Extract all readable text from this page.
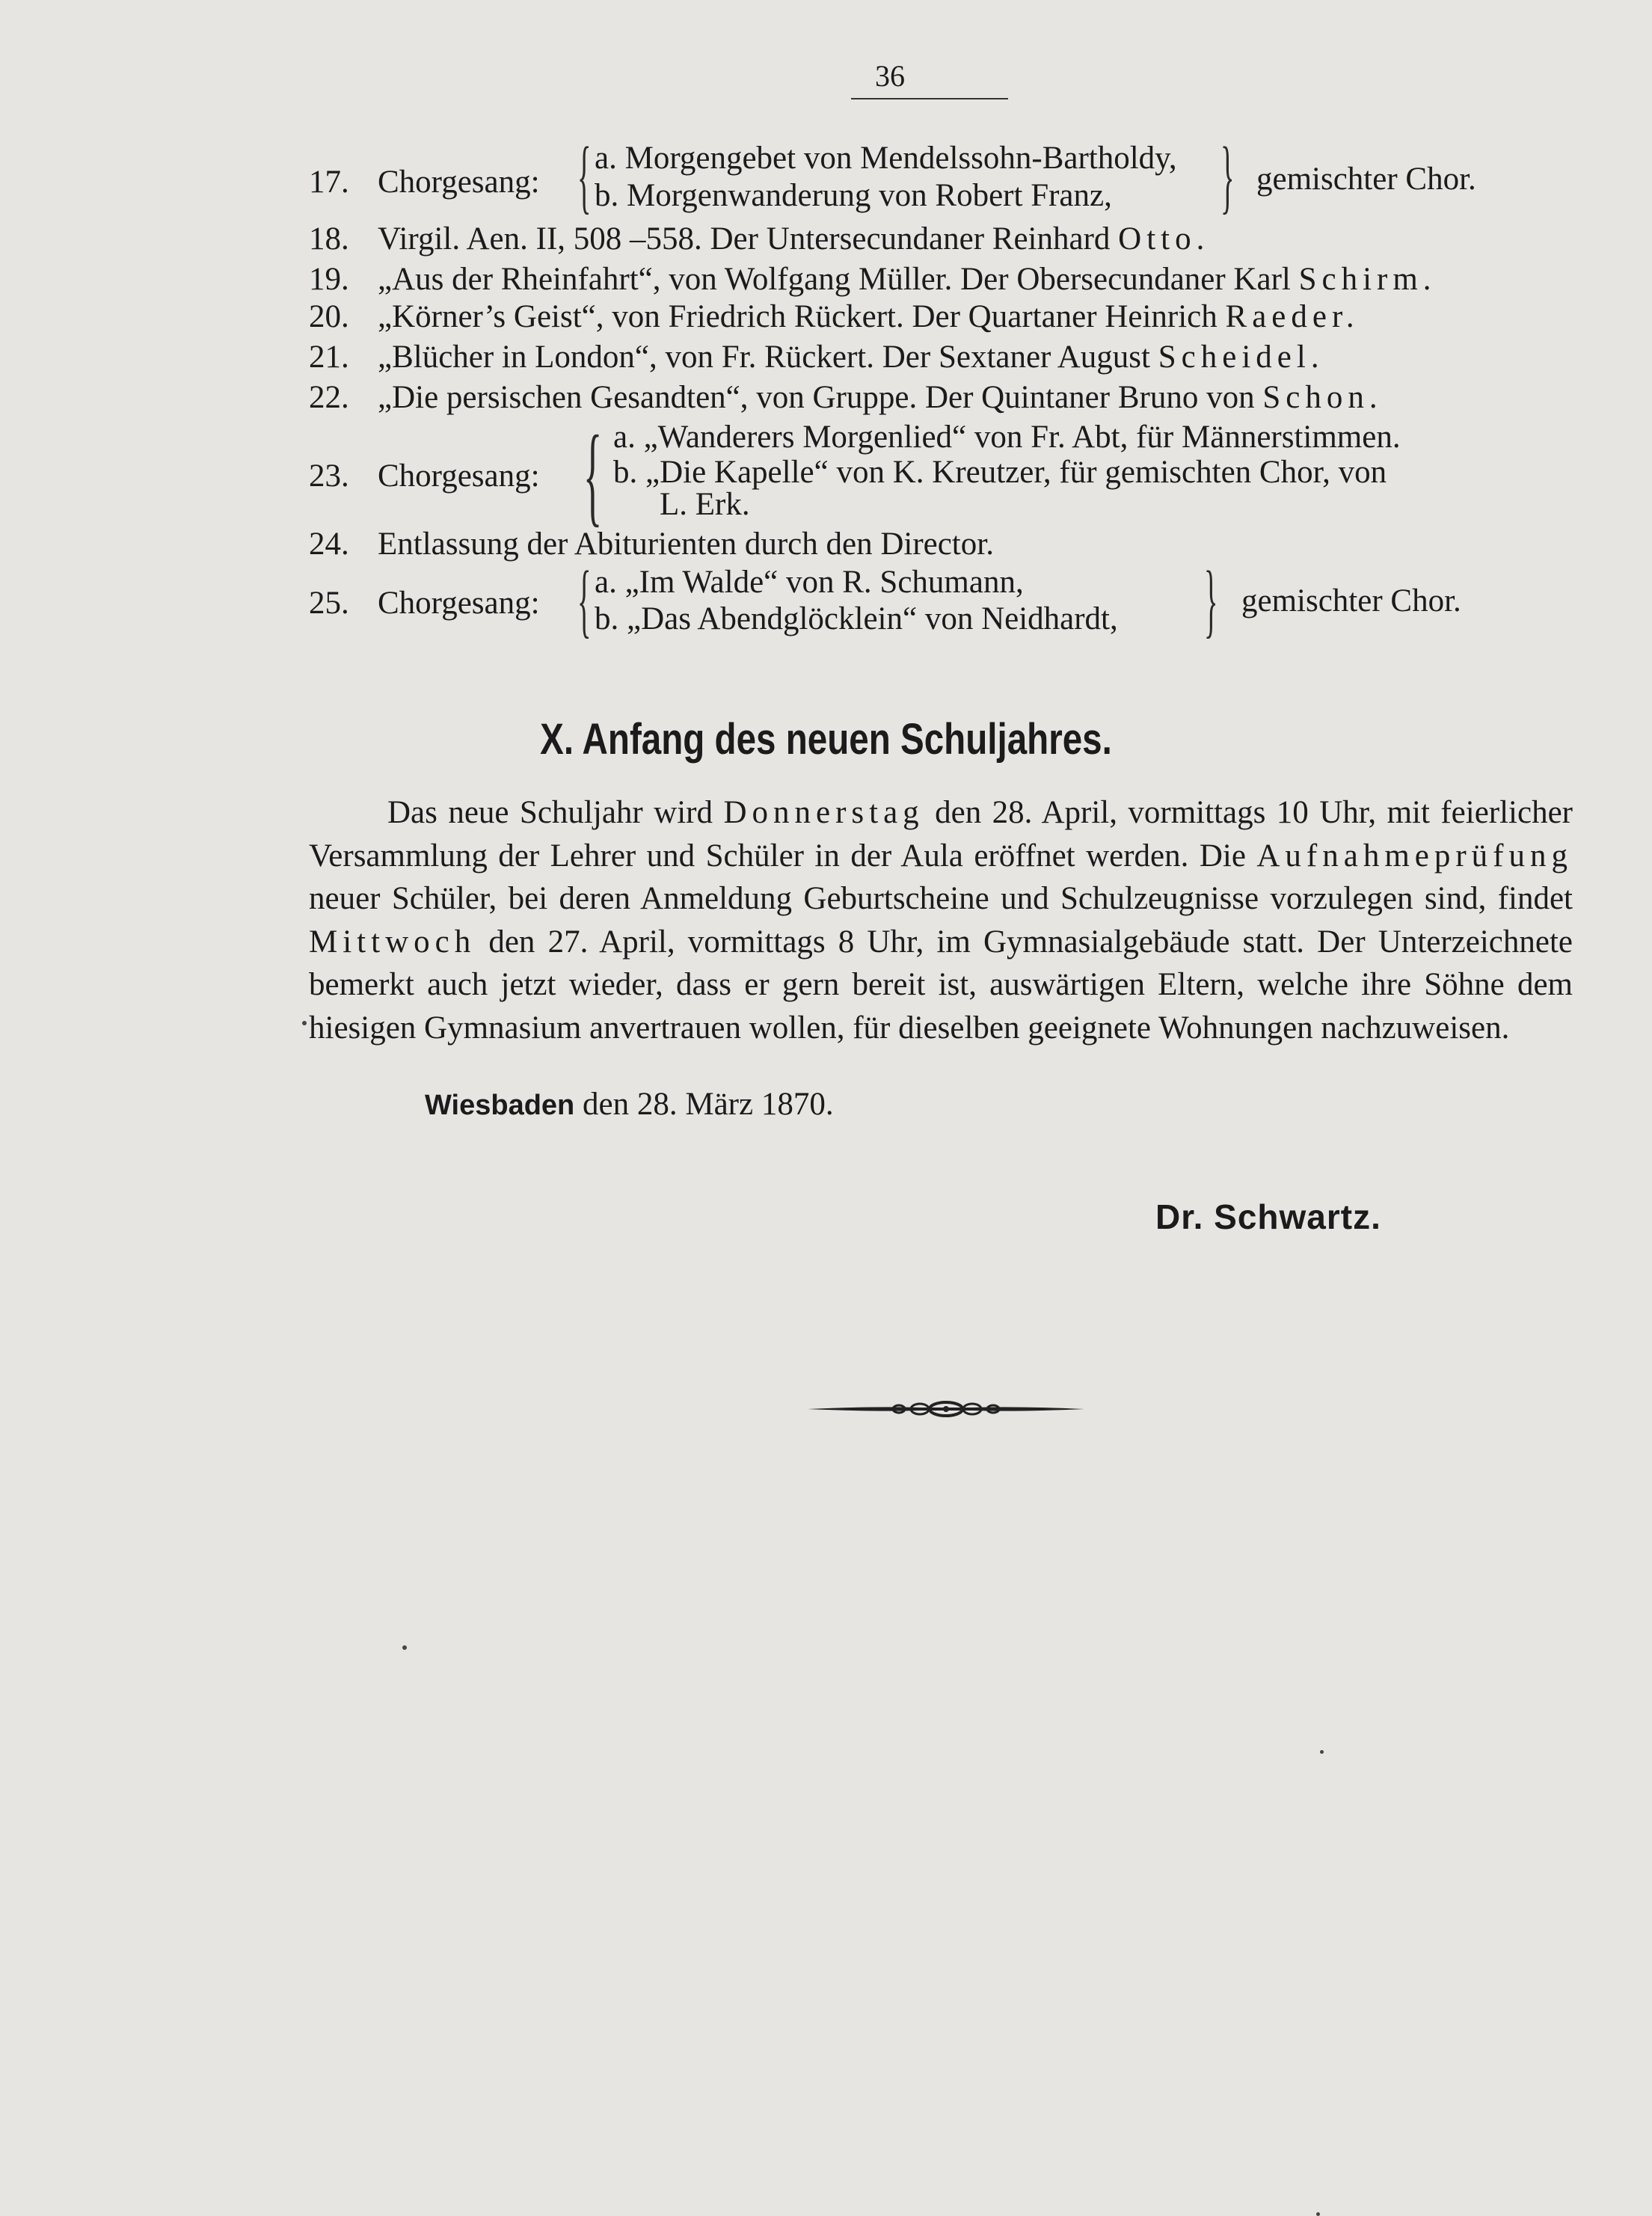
36
17. Chorgesang: { a. Morgengebet von Mendelssohn-Bartholdy,
b. Morgenwanderung von Robert Franz, } gemischter Chor.
18. Virgil. Aen. II, 508 –558. Der Untersecundaner Reinhard Otto.
19. „Aus der Rheinfahrt“, von Wolfgang Müller. Der Obersecundaner Karl Schirm.
20. „Körner’s Geist“, von Friedrich Rückert. Der Quartaner Heinrich Raeder.
21. „Blücher in London“, von Fr. Rückert. Der Sextaner August Scheidel.
22. „Die persischen Gesandten“, von Gruppe. Der Quintaner Bruno von Schon.
23. Chorgesang: { a. „Wanderers Morgenlied“ von Fr. Abt, für Männerstimmen.
b. „Die Kapelle“ von K. Kreutzer, für gemischten Chor, von
L. Erk.
24. Entlassung der Abiturienten durch den Director.
25. Chorgesang: { a. „Im Walde“ von R. Schumann,
b. „Das Abendglöcklein“ von Neidhardt, } gemischter Chor.
X. Anfang des neuen Schuljahres.
Das neue Schuljahr wird Donnerstag den 28. April, vormittags 10 Uhr, mit feierlicher Versammlung der Lehrer und Schüler in der Aula eröffnet werden. Die Aufnahmeprüfung neuer Schüler, bei deren Anmeldung Geburtscheine und Schulzeugnisse vorzulegen sind, findet Mittwoch den 27. April, vormittags 8 Uhr, im Gymnasialgebäude statt. Der Unterzeichnete bemerkt auch jetzt wieder, dass er gern bereit ist, auswärtigen Eltern, welche ihre Söhne dem hiesigen Gymnasium anvertrauen wollen, für dieselben geeignete Wohnungen nachzuweisen.
Wiesbaden den 28. März 1870.
Dr. Schwartz.
